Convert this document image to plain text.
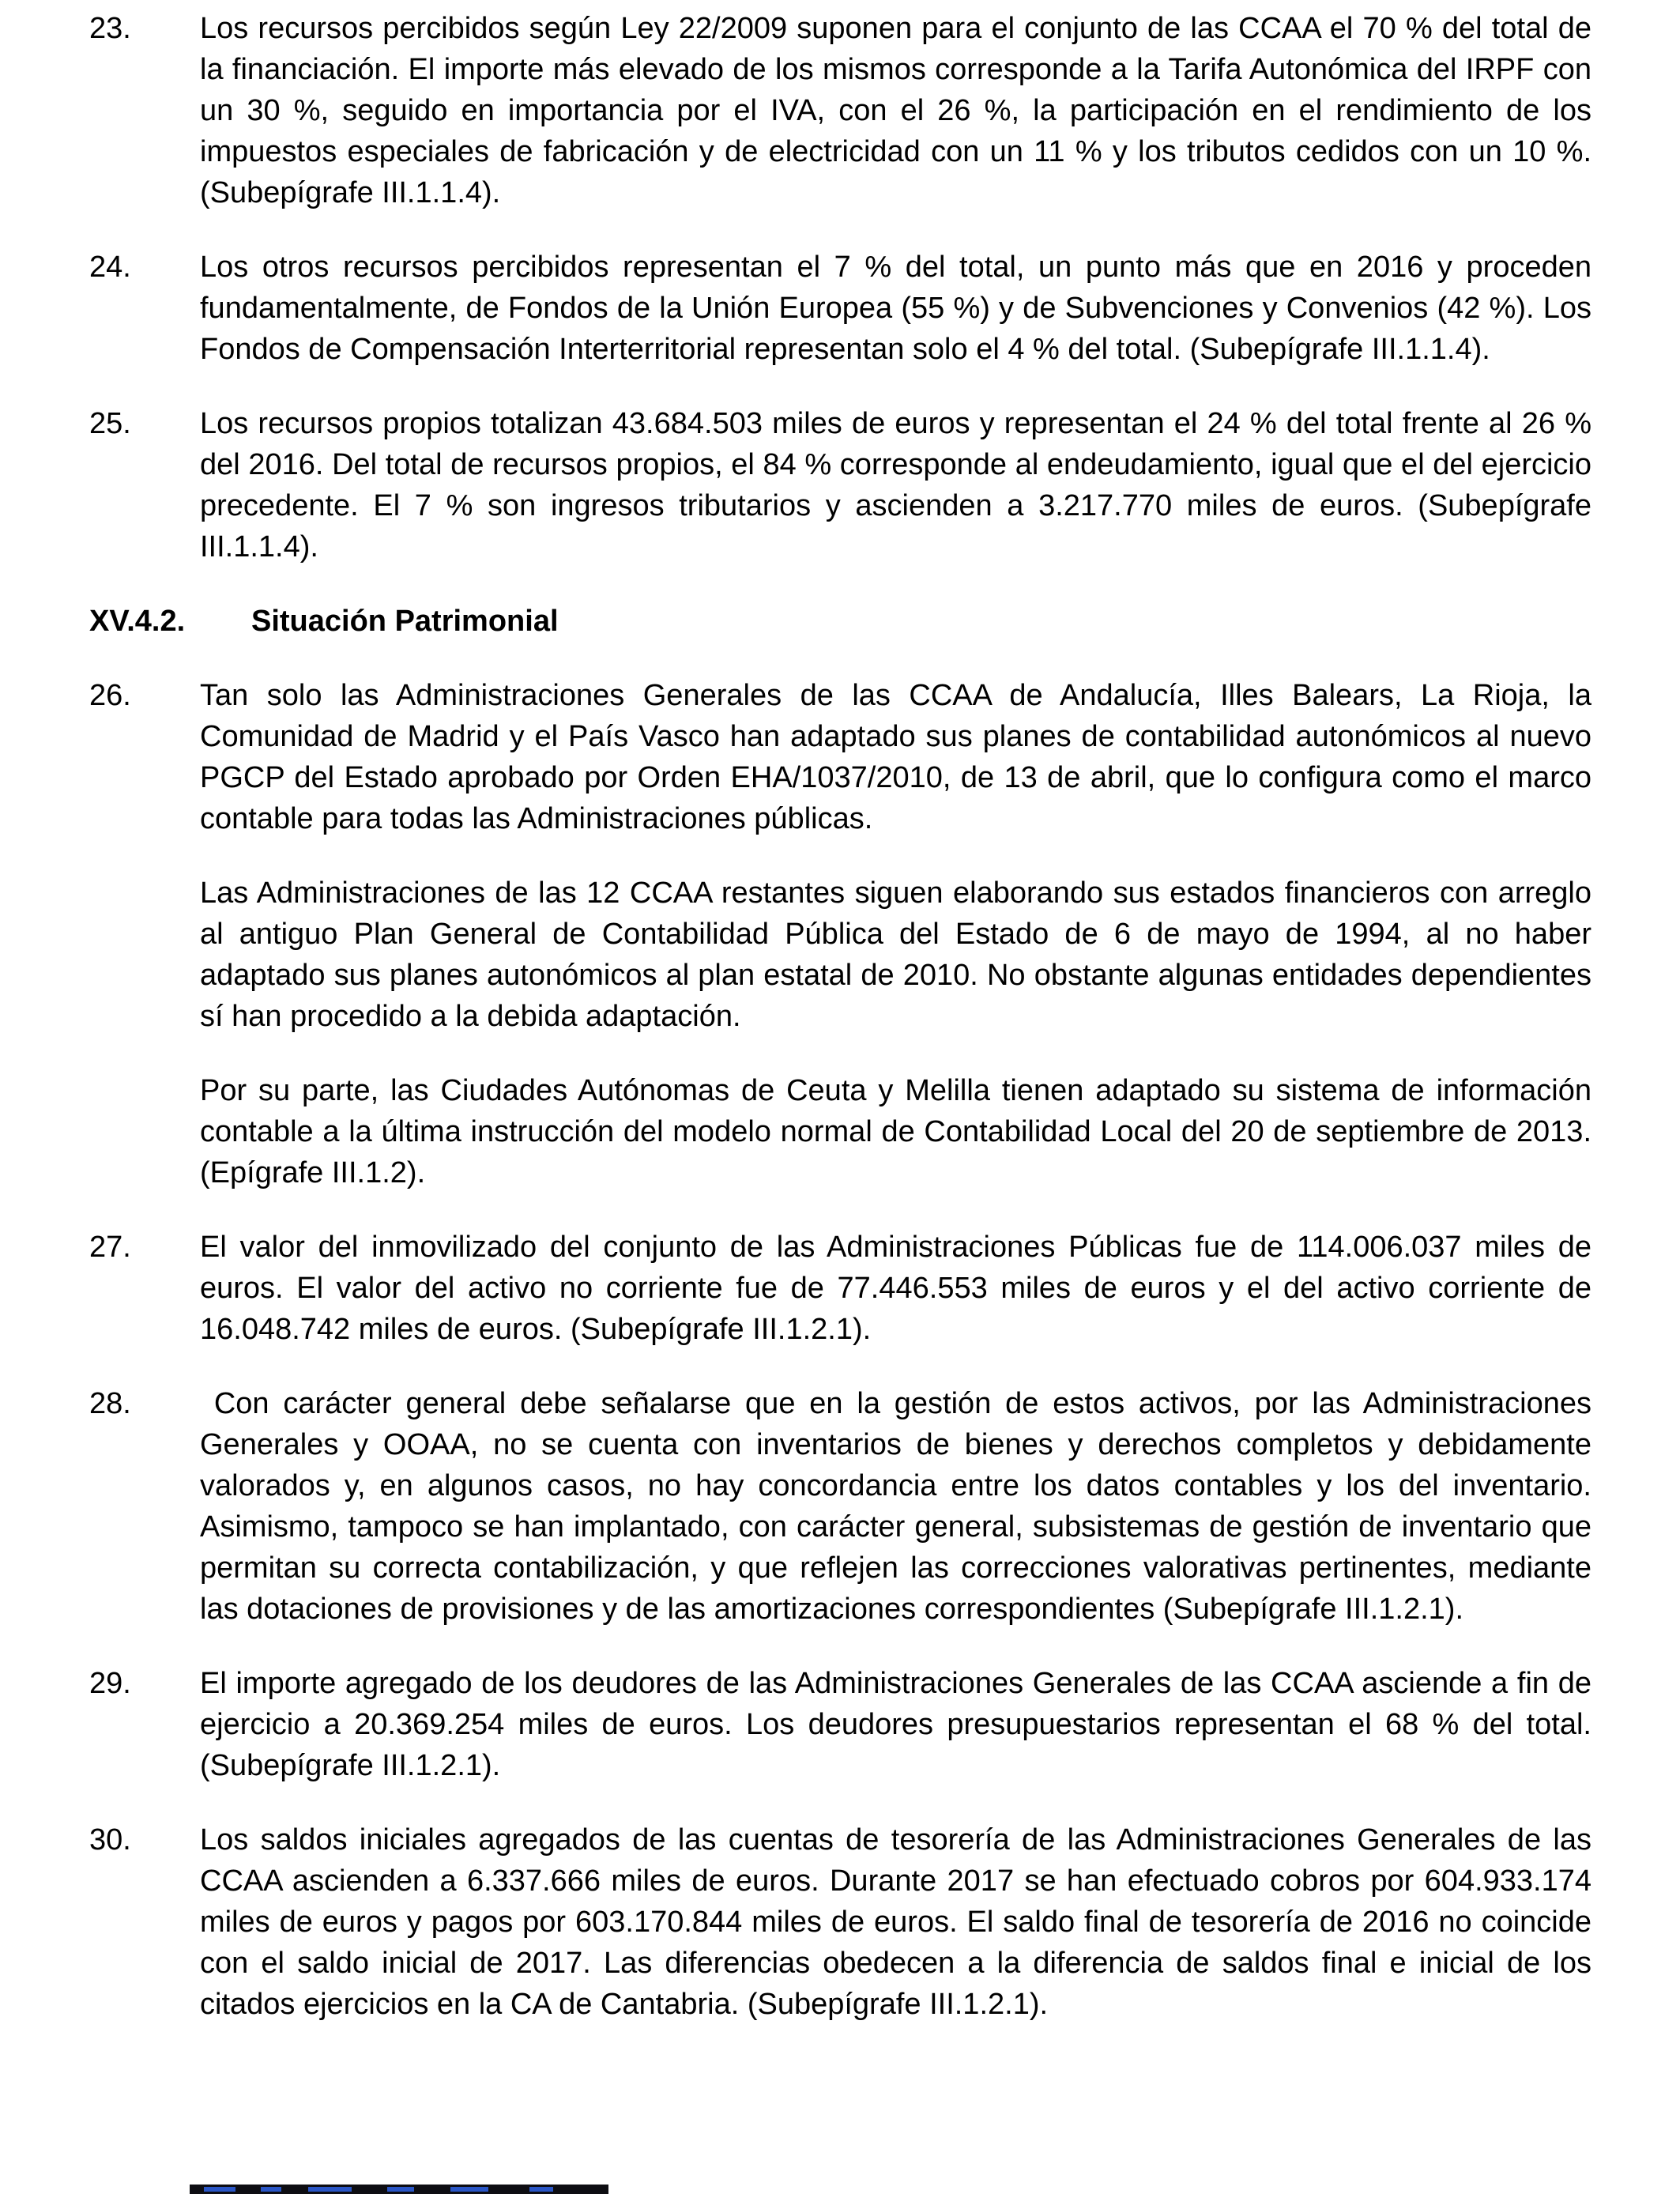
23.	Los recursos percibidos según Ley 22/2009 suponen para el conjunto de las CCAA el 70 % del total de la financiación. El importe más elevado de los mismos corresponde a la Tarifa Autonómica del IRPF con un 30 %, seguido en importancia por el IVA, con el 26 %, la participación en el rendimiento de los impuestos especiales de fabricación y de electricidad con un 11 % y los tributos cedidos con un 10 %. (Subepígrafe III.1.1.4).

24.	Los otros recursos percibidos representan el 7 % del total, un punto más que en 2016 y proceden fundamentalmente, de Fondos de la Unión Europea (55 %) y de Subvenciones y Convenios (42 %). Los Fondos de Compensación Interterritorial representan solo el 4 % del total. (Subepígrafe III.1.1.4).

25.	Los recursos propios totalizan 43.684.503 miles de euros y representan el 24 % del total frente al 26 % del 2016. Del total de recursos propios, el 84 % corresponde al endeudamiento, igual que el del ejercicio precedente. El 7 % son ingresos tributarios y ascienden a 3.217.770 miles de euros. (Subepígrafe III.1.1.4).

XV.4.2.	Situación Patrimonial
26.	Tan solo las Administraciones Generales de las CCAA de Andalucía, Illes Balears, La Rioja, la Comunidad de Madrid y el País Vasco han adaptado sus planes de contabilidad autonómicos al nuevo PGCP del Estado aprobado por Orden EHA/1037/2010, de 13 de abril, que lo configura como el marco contable para todas las Administraciones públicas.

Las Administraciones de las 12 CCAA restantes siguen elaborando sus estados financieros con arreglo al antiguo Plan General de Contabilidad Pública del Estado de 6 de mayo de 1994, al no haber adaptado sus planes autonómicos al plan estatal de 2010. No obstante algunas entidades dependientes sí han procedido a la debida adaptación.

Por su parte, las Ciudades Autónomas de Ceuta y Melilla tienen adaptado su sistema de información contable a la última instrucción del modelo normal de Contabilidad Local del 20 de septiembre de 2013. (Epígrafe III.1.2).

27.	El valor del inmovilizado del conjunto de las Administraciones Públicas fue de 114.006.037 miles de euros. El valor del activo no corriente fue de 77.446.553 miles de euros y el del activo corriente de 16.048.742 miles de euros. (Subepígrafe III.1.2.1).

28.	Con carácter general debe señalarse que en la gestión de estos activos, por las Administraciones Generales y OOAA, no se cuenta con inventarios de bienes y derechos completos y debidamente valorados y, en algunos casos, no hay concordancia entre los datos contables y los del inventario. Asimismo, tampoco se han implantado, con carácter general, subsistemas de gestión de inventario que permitan su correcta contabilización, y que reflejen las correcciones valorativas pertinentes, mediante las dotaciones de provisiones y de las amortizaciones correspondientes (Subepígrafe III.1.2.1).

29.	El importe agregado de los deudores de las Administraciones Generales de las CCAA asciende a fin de ejercicio a 20.369.254 miles de euros. Los deudores presupuestarios representan el 68 % del total. (Subepígrafe III.1.2.1).

30.	Los saldos iniciales agregados de las cuentas de tesorería de las Administraciones Generales de las CCAA ascienden a 6.337.666 miles de euros. Durante 2017 se han efectuado cobros por 604.933.174 miles de euros y pagos por 603.170.844 miles de euros. El saldo final de tesorería de 2016 no coincide con el saldo inicial de 2017. Las diferencias obedecen a la diferencia de saldos final e inicial de los citados ejercicios en la CA de Cantabria. (Subepígrafe III.1.2.1).
